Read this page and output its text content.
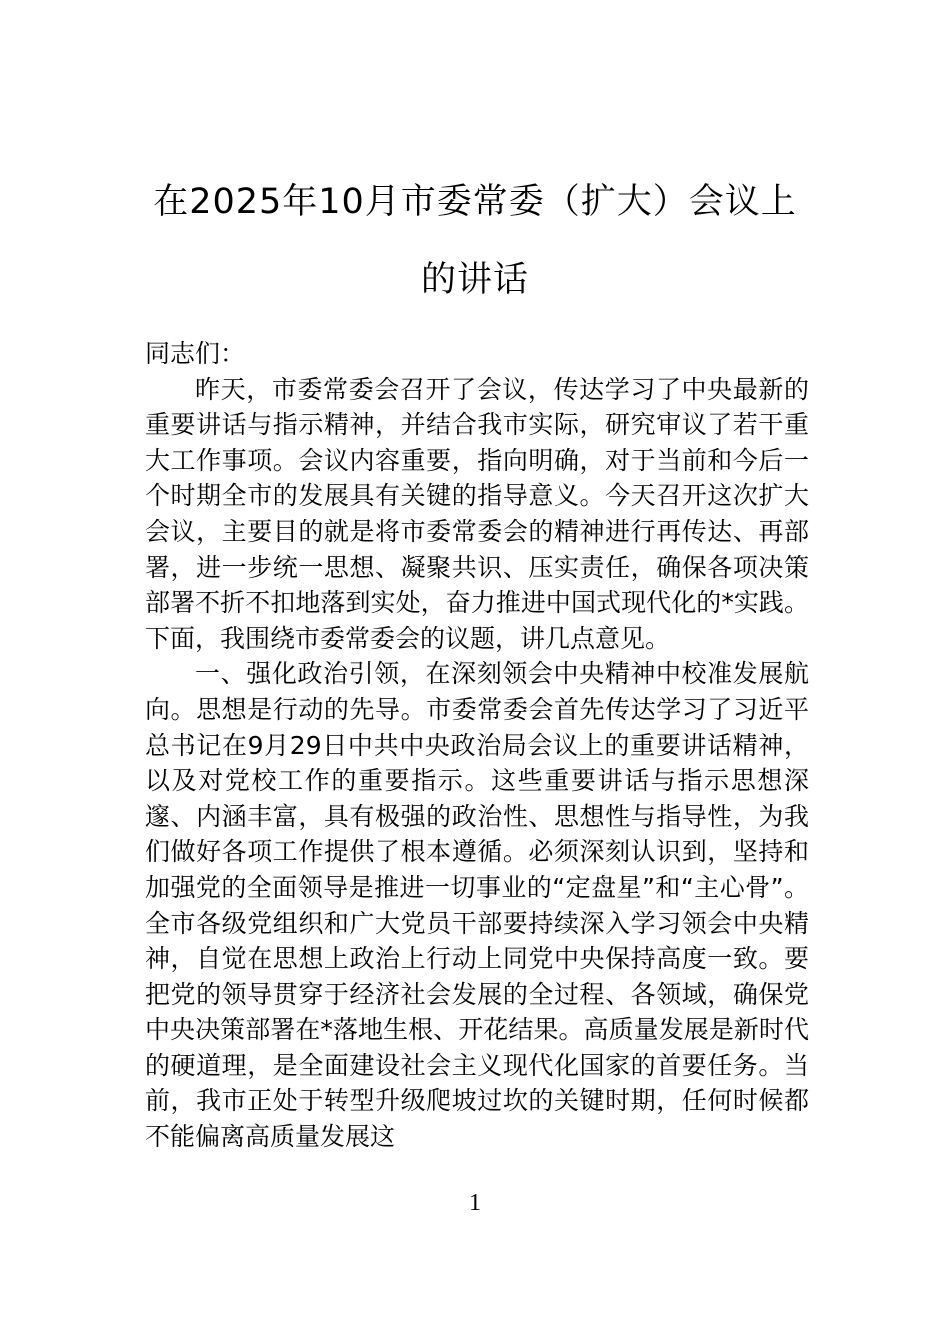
在2025年10月市委常委（扩大）会议上的讲话

同志们：

昨天，市委常委会召开了会议，传达学习了中央最新的重要讲话与指示精神，并结合我市实际，研究审议了若干重大工作事项。会议内容重要，指向明确，对于当前和今后一个时期全市的发展具有关键的指导意义。今天召开这次扩大会议，主要目的就是将市委常委会的精神进行再传达、再部署，进一步统一思想、凝聚共识、压实责任，确保各项决策部署不折不扣地落到实处，奋力推进中国式现代化的*实践。下面，我围绕市委常委会的议题，讲几点意见。

一、强化政治引领，在深刻领会中央精神中校准发展航向。思想是行动的先导。市委常委会首先传达学习了习近平总书记在9月29日中共中央政治局会议上的重要讲话精神，以及对党校工作的重要指示。这些重要讲话与指示思想深邃、内涵丰富，具有极强的政治性、思想性与指导性，为我们做好各项工作提供了根本遵循。必须深刻认识到，坚持和加强党的全面领导是推进一切事业的“定盘星”和“主心骨”。全市各级党组织和广大党员干部要持续深入学习领会中央精神，自觉在思想上政治上行动上同党中央保持高度一致。要把党的领导贯穿于经济社会发展的全过程、各领域，确保党中央决策部署在*落地生根、开花结果。高质量发展是新时代的硬道理，是全面建设社会主义现代化国家的首要任务。当前，我市正处于转型升级爬坡过坎的关键时期，任何时候都不能偏离高质量发展这

1
